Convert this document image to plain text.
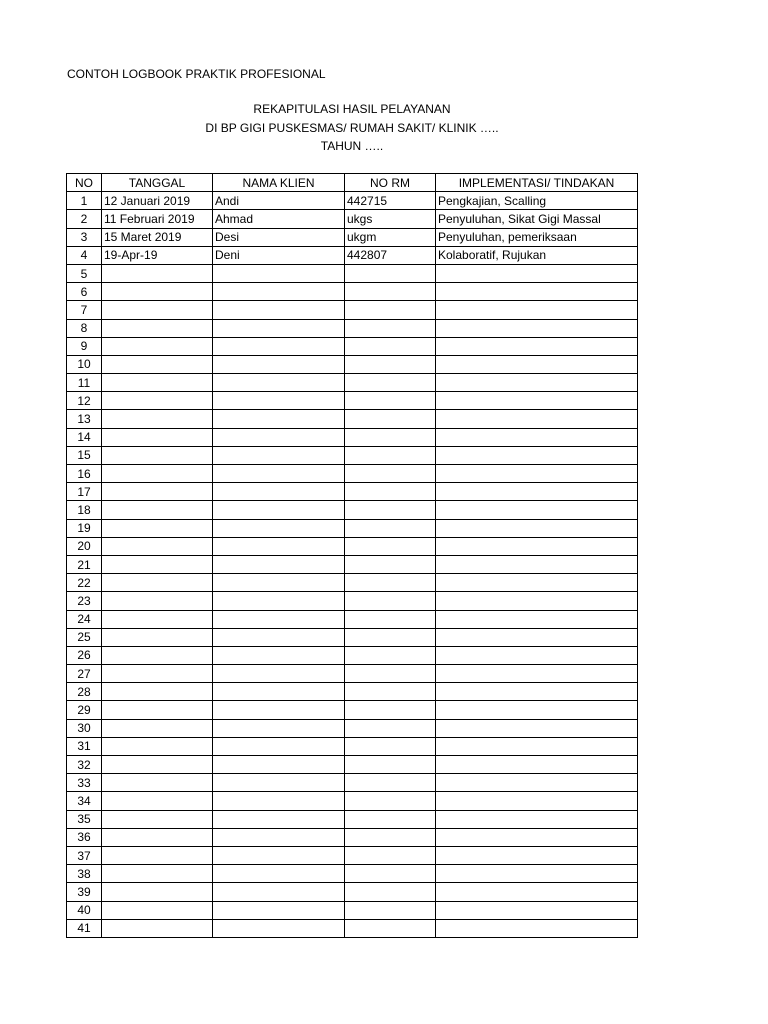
CONTOH LOGBOOK PRAKTIK PROFESIONAL
REKAPITULASI HASIL PELAYANAN
DI BP GIGI PUSKESMAS/ RUMAH SAKIT/ KLINIK …..
TAHUN …..
NO	TANGGAL	NAMA KLIEN	NO RM	IMPLEMENTASI/ TINDAKAN
1	12 Januari 2019	Andi	442715	Pengkajian, Scalling
2	11 Februari 2019	Ahmad	ukgs	Penyuluhan, Sikat Gigi Massal
3	15 Maret 2019	Desi	ukgm	Penyuluhan, pemeriksaan
4	19-Apr-19	Deni	442807	Kolaboratif, Rujukan
5				
6				
7				
8				
9				
10				
11				
12				
13				
14				
15				
16				
17				
18				
19				
20				
21				
22				
23				
24				
25				
26				
27				
28				
29				
30				
31				
32				
33				
34				
35				
36				
37				
38				
39				
40				
41				
